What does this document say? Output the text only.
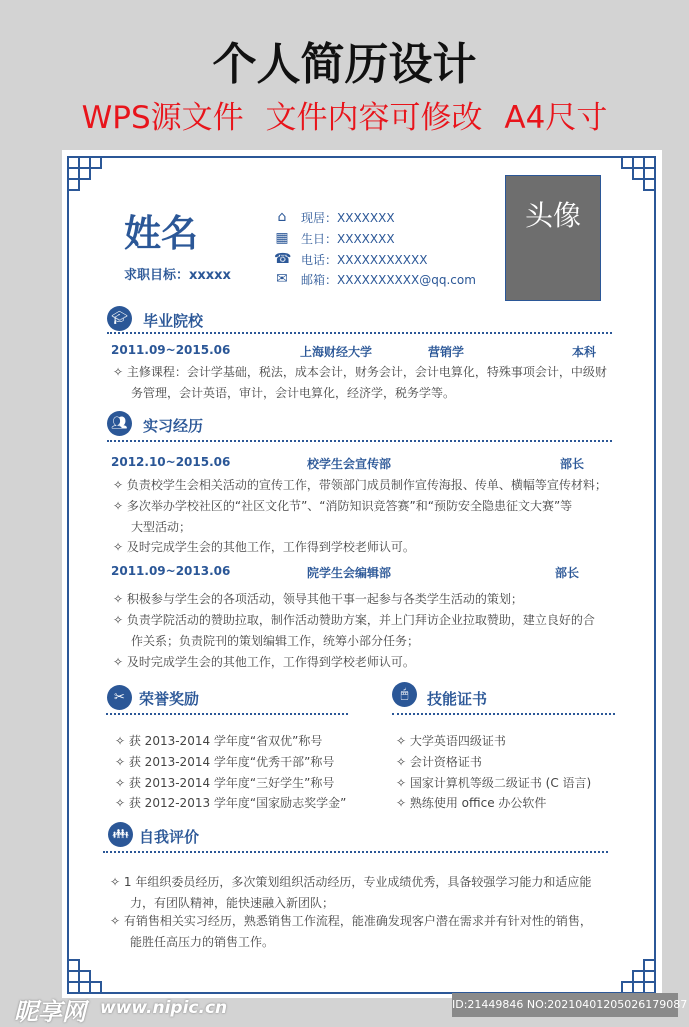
个人简历设计
WPS源文件 文件内容可修改 A4尺寸
姓名
求职目标：xxxxx
⌂ 现居：XXXXXXX
▦ 生日：XXXXXXX
☎ 电话：XXXXXXXXXXX
✉ 邮箱：XXXXXXXXXX@qq.com
头像
🎓︎ 毕业院校
2011.09~2015.06	上海财经大学	营销学	本科
✧ 主修课程：会计学基础，税法，成本会计，财务会计，会计电算化，特殊事项会计，中级财
务管理，会计英语，审计，会计电算化，经济学，税务学等。
👥︎ 实习经历
2012.10~2015.06	校学生会宣传部	部长
✧ 负责校学生会相关活动的宣传工作，带领部门成员制作宣传海报、传单、横幅等宣传材料；
✧ 多次举办学校社区的“社区文化节”、“消防知识竞答赛”和“预防安全隐患征文大赛”等
大型活动；
✧ 及时完成学生会的其他工作，工作得到学校老师认可。
2011.09~2013.06	院学生会编辑部	部长
✧ 积极参与学生会的各项活动，领导其他干事一起参与各类学生活动的策划；
✧ 负责学院活动的赞助拉取，制作活动赞助方案，并上门拜访企业拉取赞助，建立良好的合
作关系；负责院刊的策划编辑工作，统筹小部分任务；
✧ 及时完成学生会的其他工作，工作得到学校老师认可。
✂ 荣誉奖励
✧ 获 2013-2014 学年度“省双优”称号
✧ 获 2013-2014 学年度“优秀干部”称号
✧ 获 2013-2014 学年度“三好学生”称号
✧ 获 2012-2013 学年度“国家励志奖学金”
🖱︎	技能证书
✧ 大学英语四级证书
✧ 会计资格证书
✧ 国家计算机等级二级证书 (C 语言)
✧ 熟练使用 office 办公软件
👪︎ 自我评价
✧ 1 年组织委员经历，多次策划组织活动经历，专业成绩优秀，具备较强学习能力和适应能
力，有团队精神，能快速融入新团队；
✧ 有销售相关实习经历，熟悉销售工作流程，能准确发现客户潜在需求并有针对性的销售，
能胜任高压力的销售工作。
昵享网 www.nipic.cn	ID:21449846 NO:20210401205026179087
